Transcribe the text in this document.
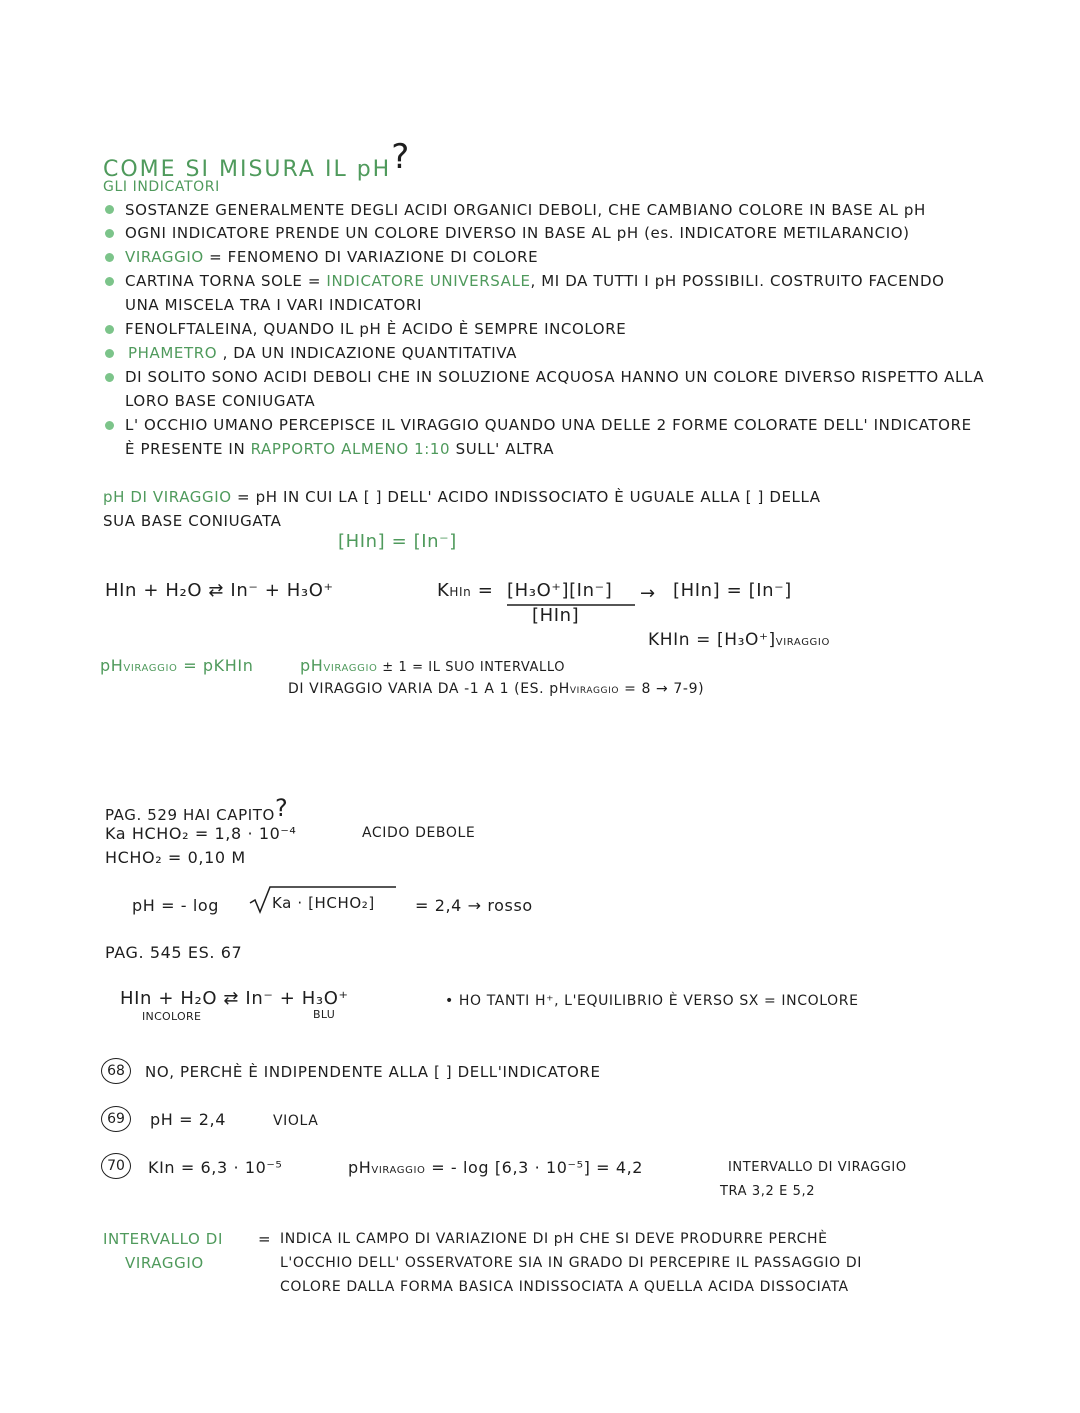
COME SI MISURA IL pH?
GLI INDICATORI
SOSTANZE GENERALMENTE DEGLI ACIDI ORGANICI DEBOLI, CHE CAMBIANO COLORE IN BASE AL pH
OGNI INDICATORE PRENDE UN COLORE DIVERSO IN BASE AL pH (es. INDICATORE METILARANCIO)
VIRAGGIO = FENOMENO DI VARIAZIONE DI COLORE
CARTINA TORNA SOLE = INDICATORE UNIVERSALE, MI DA TUTTI I pH POSSIBILI. COSTRUITO FACENDO
UNA MISCELA TRA I VARI INDICATORI
FENOLFTALEINA, QUANDO IL pH È ACIDO È SEMPRE INCOLORE
PHAMETRO , DA UN INDICAZIONE QUANTITATIVA
DI SOLITO SONO ACIDI DEBOLI CHE IN SOLUZIONE ACQUOSA HANNO UN COLORE DIVERSO RISPETTO ALLA
LORO BASE CONIUGATA
L' OCCHIO UMANO PERCEPISCE IL VIRAGGIO QUANDO UNA DELLE 2 FORME COLORATE DELL' INDICATORE
È PRESENTE IN RAPPORTO ALMENO 1:10 SULL' ALTRA
pH DI VIRAGGIO = pH IN CUI LA [ ] DELL' ACIDO INDISSOCIATO È UGUALE ALLA [ ] DELLA
SUA BASE CONIUGATA
[HIn] = [In⁻]
HIn + H₂O ⇄ In⁻ + H₃O⁺	KHIn = [H₃O⁺][In⁻]
[HIn]
→ [HIn] = [In⁻]
KHIn = [H₃O⁺]VIRAGGIO
pHVIRAGGIO = pKHIn	pHVIRAGGIO ± 1 = IL SUO INTERVALLO
DI VIRAGGIO VARIA DA -1 A 1 (ES. pHVIRAGGIO = 8 → 7-9)
PAG. 529 HAI CAPITO?
Ka HCHO₂ = 1,8 · 10⁻⁴
HCHO₂ = 0,10 M
ACIDO DEBOLE
pH = - log	Ka · [HCHO₂]	= 2,4 → rosso
PAG. 545 ES. 67
HIn + H₂O ⇄ In⁻ + H₃O⁺
INCOLORE	BLU
• HO TANTI H⁺, L'EQUILIBRIO È VERSO SX = INCOLORE
68	NO, PERCHÈ È INDIPENDENTE ALLA [ ] DELL'INDICATORE
69	pH = 2,4	VIOLA
70	KIn = 6,3 · 10⁻⁵	pHVIRAGGIO = - log [6,3 · 10⁻⁵] = 4,2	INTERVALLO DI VIRAGGIO
TRA 3,2 E 5,2
INTERVALLO DI
VIRAGGIO
= INDICA IL CAMPO DI VARIAZIONE DI pH CHE SI DEVE PRODURRE PERCHÈ
L'OCCHIO DELL' OSSERVATORE SIA IN GRADO DI PERCEPIRE IL PASSAGGIO DI
COLORE DALLA FORMA BASICA INDISSOCIATA A QUELLA ACIDA DISSOCIATA
